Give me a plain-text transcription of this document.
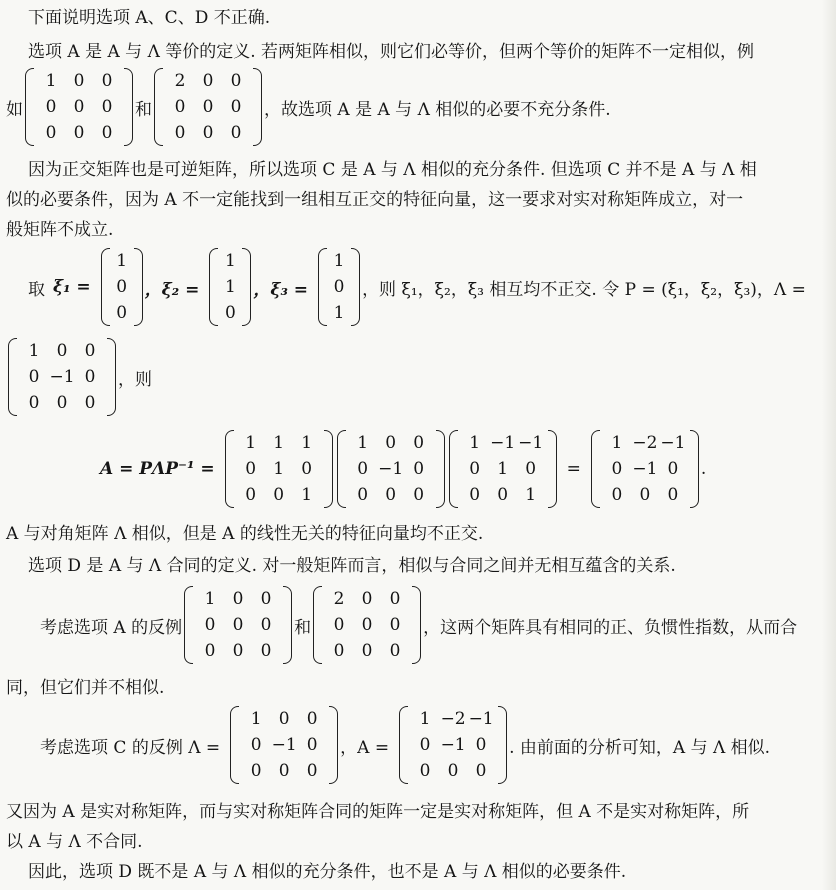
下面说明选项 A、C、D 不正确.
选项 A 是 A 与 Λ 等价的定义. 若两矩阵相似，则它们必等价，但两个等价的矩阵不一定相似，例
如
1	0	0
0	0	0
0	0	0
和
2	0	0
0	0	0
0	0	0
，故选项 A 是 A 与 Λ 相似的必要不充分条件.
因为正交矩阵也是可逆矩阵，所以选项 C 是 A 与 Λ 相似的充分条件. 但选项 C 并不是 A 与 Λ 相
似的必要条件，因为 A 不一定能找到一组相互正交的特征向量，这一要求对实对称矩阵成立，对一
般矩阵不成立.
取 ξ₁ =
1
0
0
，ξ₂ =
1
1
0
，ξ₃ =
1
0
1
，则 ξ₁，ξ₂，ξ₃ 相互均不正交. 令 P = (ξ₁，ξ₂，ξ₃)，Λ =
1	0	0
0 −1 0
0	0	0
，则
A = PΛP⁻¹ =
1	1	1
0	1	0
0	0	1
1	0	0
0 −1 0
0	0	0
1 −1 −1
0	1	0
0	0	1
=
1 −2 −1
0 −1 0
0	0	0
.
A 与对角矩阵 Λ 相似，但是 A 的线性无关的特征向量均不正交.
选项 D 是 A 与 Λ 合同的定义. 对一般矩阵而言，相似与合同之间并无相互蕴含的关系.
考虑选项 A 的反例
1	0	0
0	0	0
0	0	0
和
2	0	0
0	0	0
0	0	0
，这两个矩阵具有相同的正、负惯性指数，从而合
同，但它们并不相似.
考虑选项 C 的反例 Λ =
1	0	0
0 −1 0
0	0	0
，A =
1 −2 −1
0 −1 0
0	0	0
. 由前面的分析可知，A 与 Λ 相似.
又因为 A 是实对称矩阵，而与实对称矩阵合同的矩阵一定是实对称矩阵，但 A 不是实对称矩阵，所
以 A 与 Λ 不合同.
因此，选项 D 既不是 A 与 Λ 相似的充分条件，也不是 A 与 Λ 相似的必要条件.
